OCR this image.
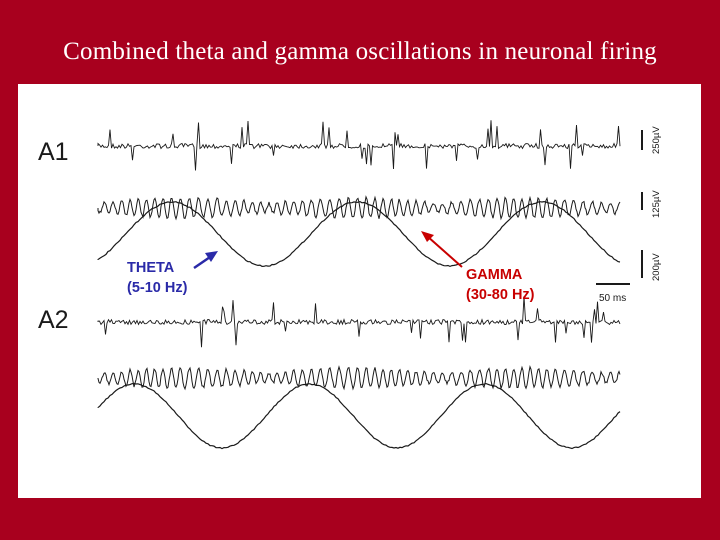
Combined theta and gamma oscillations in neuronal firing
A1
A2
THETA
(5-10 Hz)
GAMMA
(30-80 Hz)
250µV
125µV
200µV
50 ms
